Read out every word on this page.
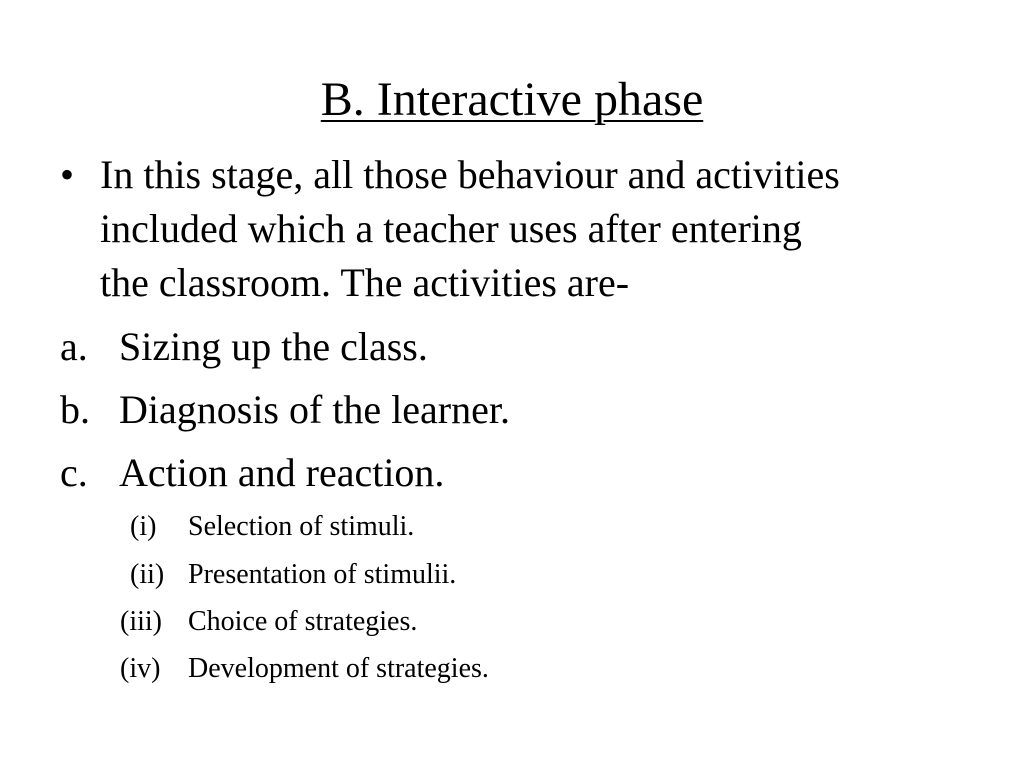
B. Interactive phase
• In this stage, all those behaviour and activities
included which a teacher uses after entering
the classroom. The activities are-
a. Sizing up the class.
b. Diagnosis of the learner.
c. Action and reaction.
(i) Selection of stimuli.
(ii) Presentation of stimulii.
(iii) Choice of strategies.
(iv) Development of strategies.
